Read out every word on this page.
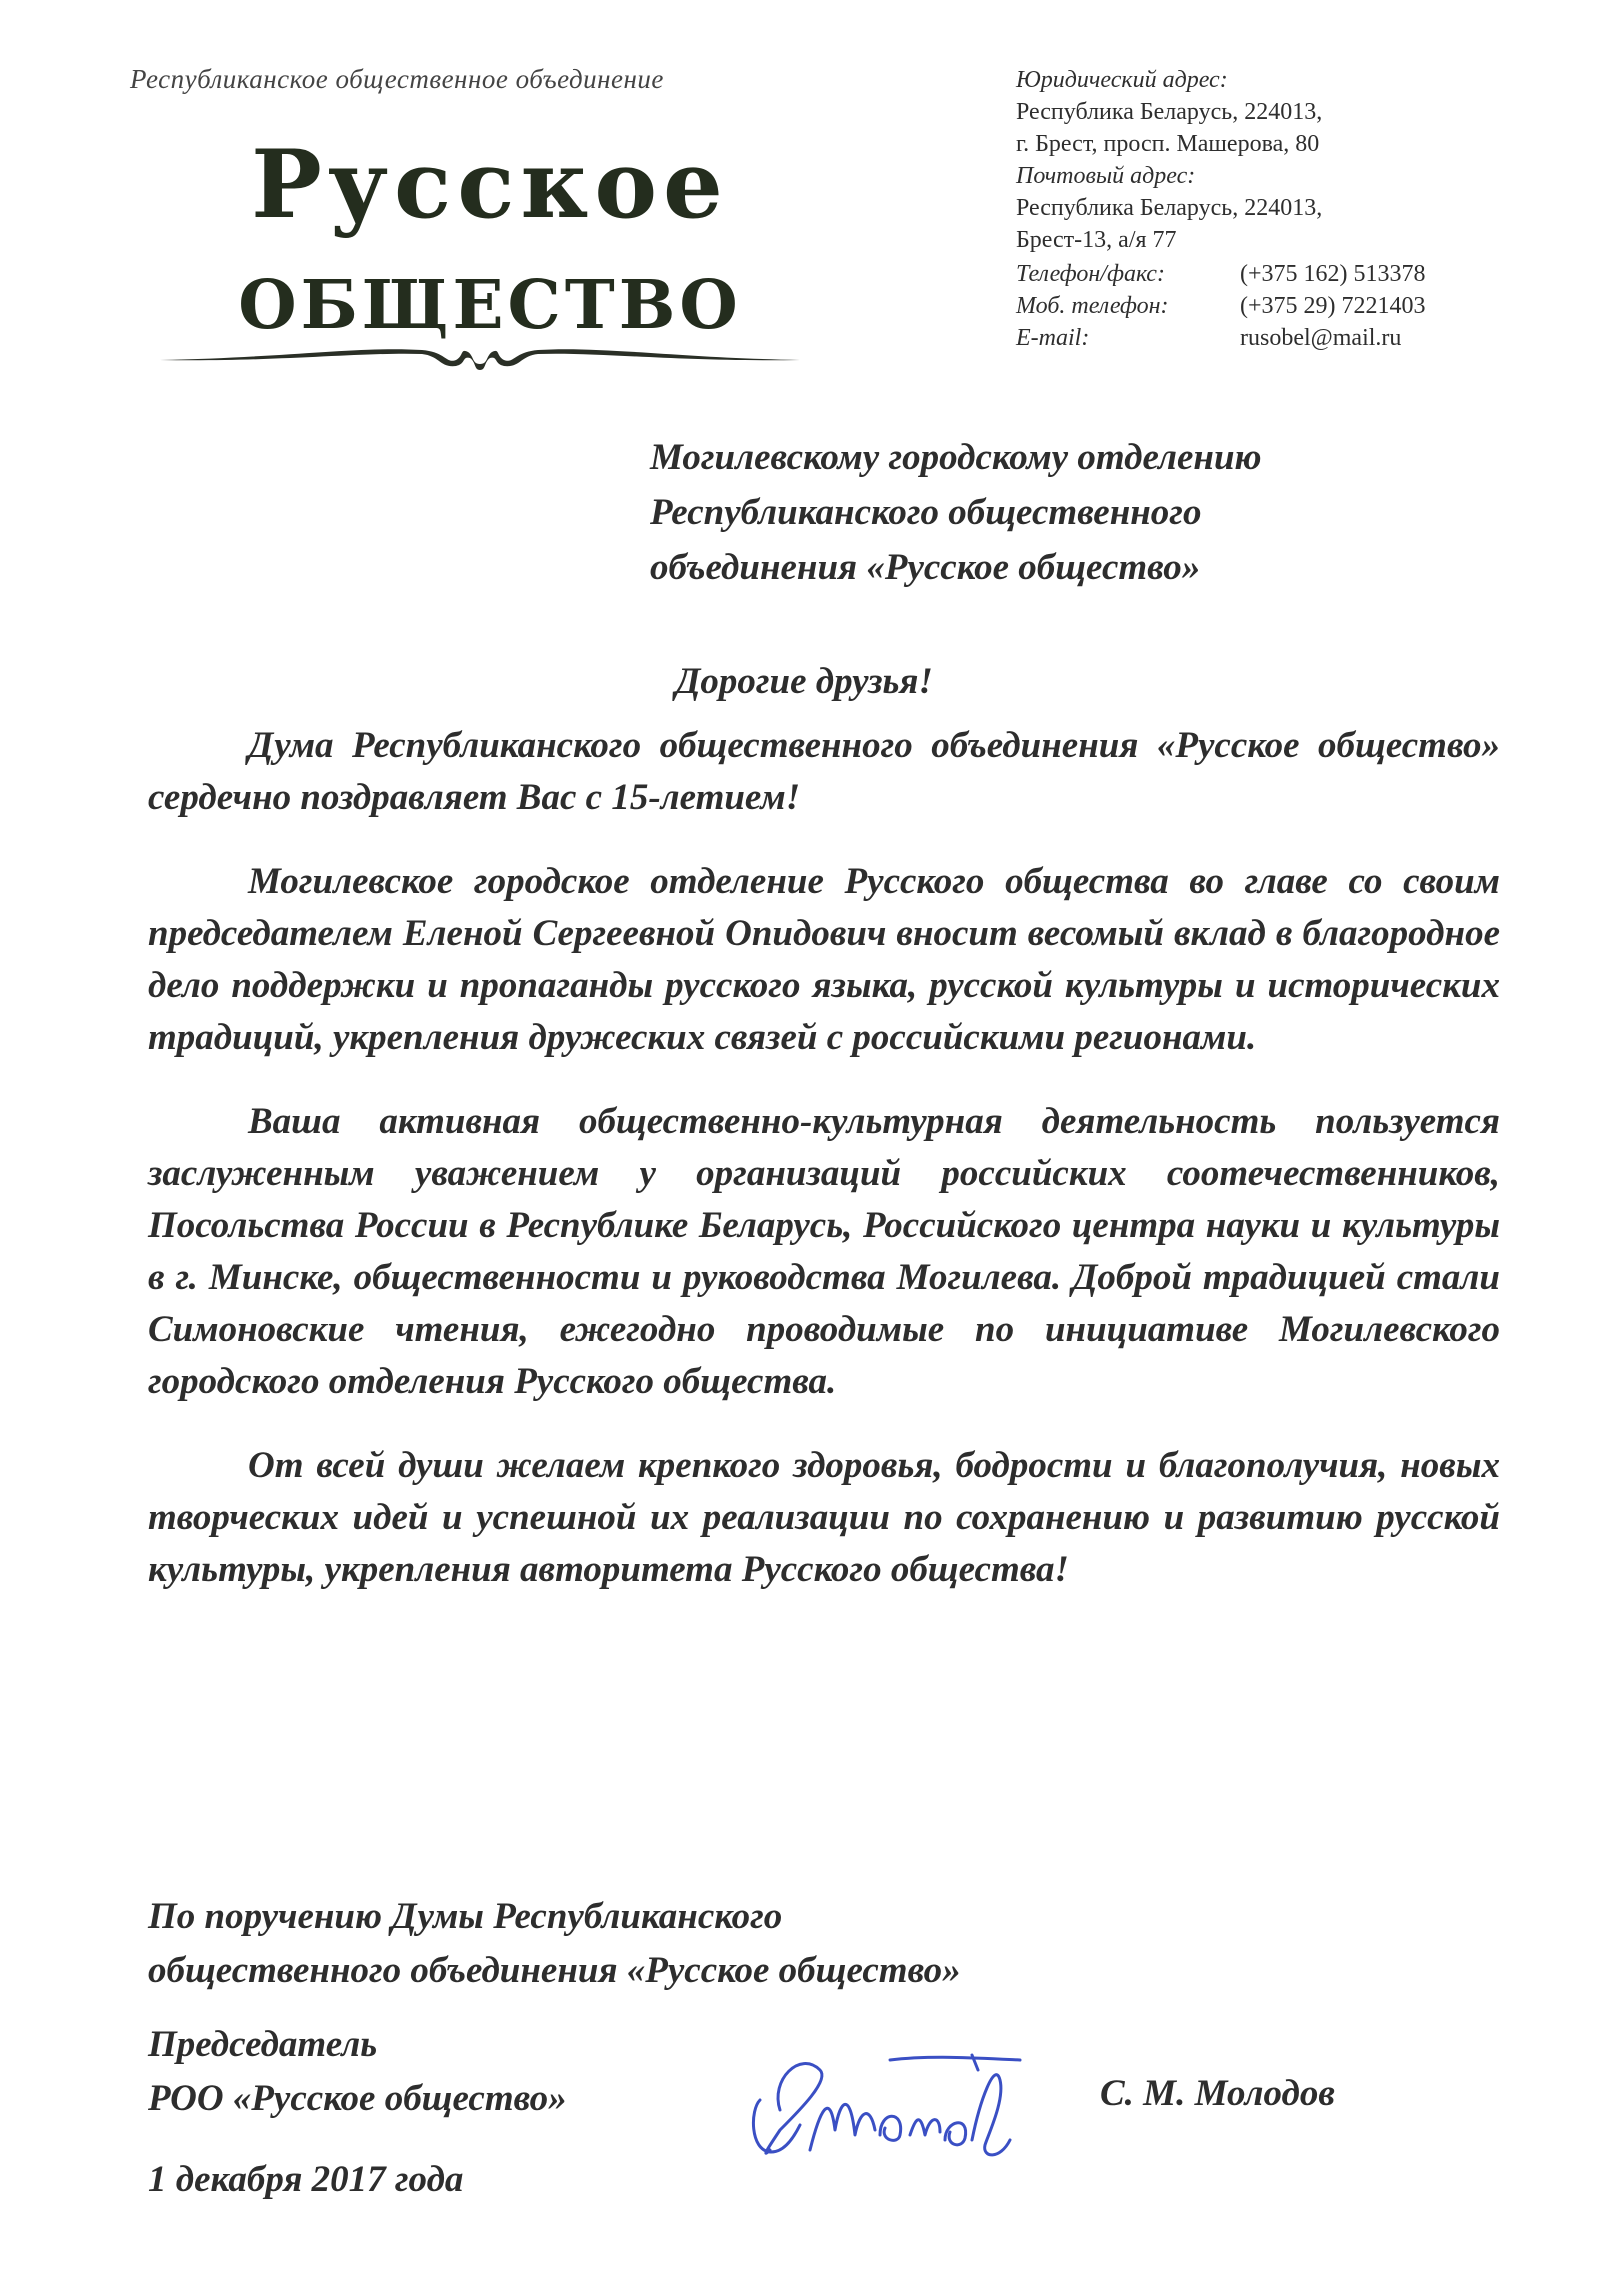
Республиканское общественное объединение
Русское
общество
Юридический адрес:
Республика Беларусь, 224013,
г. Брест, просп. Машерова, 80
Почтовый адрес:
Республика Беларусь, 224013,
Брест-13, а/я 77
Телефон/факс:	(+375 162) 513378
Моб. телефон:	(+375 29) 7221403
E-mail:	rusobel@mail.ru
Могилевскому городскому отделению
Республиканского общественного
объединения «Русское общество»
Дорогие друзья!

Дума Республиканского общественного объединения «Русское общество» сердечно поздравляет Вас с 15-летием!

Могилевское городское отделение Русского общества во главе со своим председателем Еленой Сергеевной Опидович вносит весомый вклад в благородное дело поддержки и пропаганды русского языка, русской культуры и исторических традиций, укрепления дружеских связей с российскими регионами.

Ваша активная общественно-культурная деятельность пользуется заслуженным уважением у организаций российских соотечественников, Посольства России в Республике Беларусь, Российского центра науки и культуры в г. Минске, общественности и руководства Могилева. Доброй традицией стали Симоновские чтения, ежегодно проводимые по инициативе Могилевского городского отделения Русского общества.

От всей души желаем крепкого здоровья, бодрости и благополучия, новых творческих идей и успешной их реализации по сохранению и развитию русской культуры, укрепления авторитета Русского общества!

По поручению Думы Республиканского
общественного объединения «Русское общество»
Председатель
РОО «Русское общество»	С. М. Молодов
1 декабря 2017 года
